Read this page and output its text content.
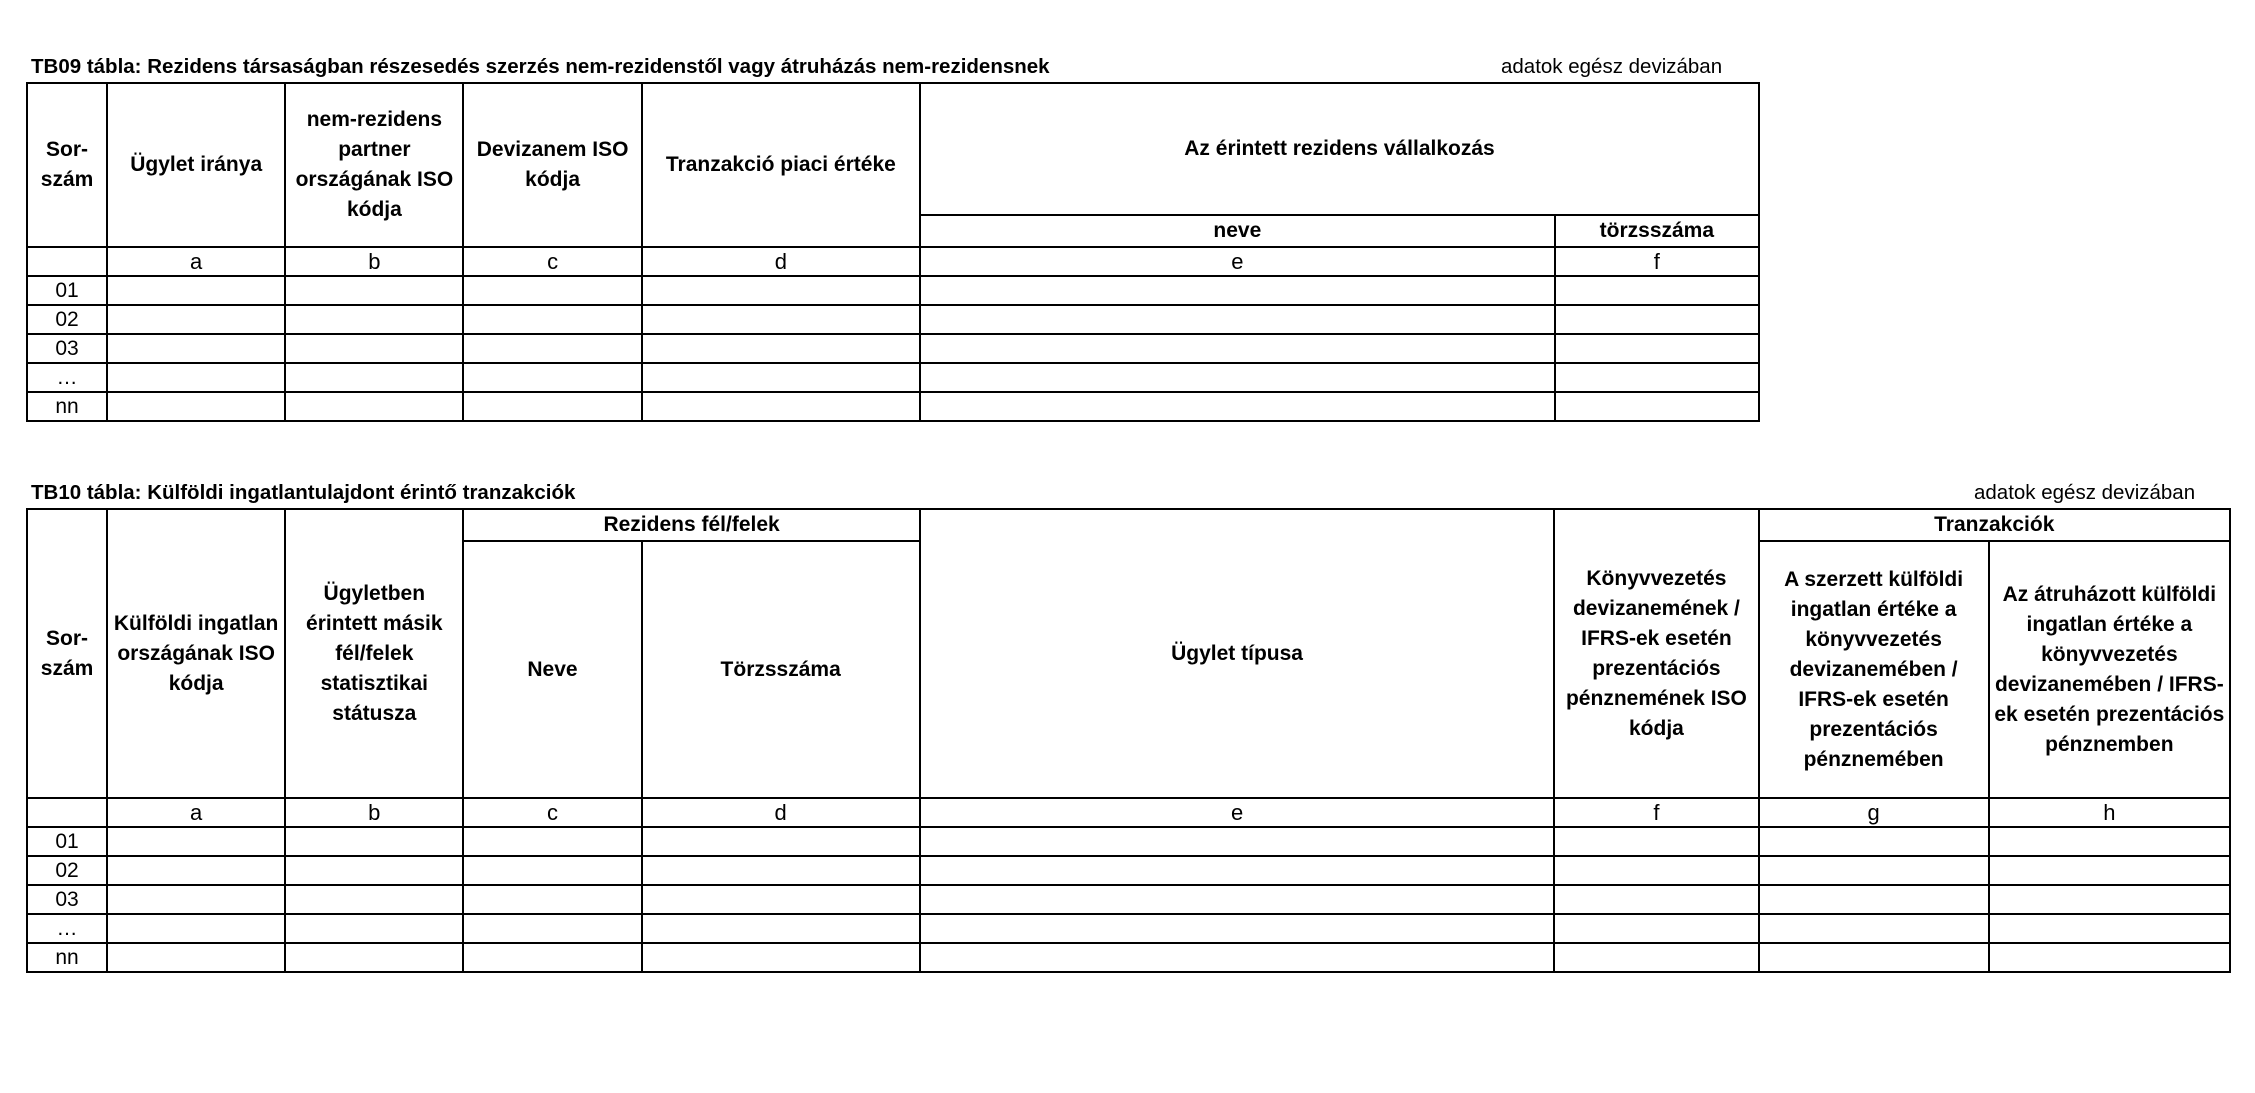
TB09 tábla: Rezidens társaságban részesedés szerzés nem-rezidenstől vagy átruházás nem-rezidensnek	adatok egész devizában
Sor-szám	Ügylet iránya	nem-rezidens partner országának ISO kódja	Devizanem ISO kódja	Tranzakció piaci értéke	Az érintett rezidens vállalkozás	

					neve	törzsszáma
	a	b	c	d	e	f
01						
02						
03						
…						
nn						
TB10 tábla: Külföldi ingatlantulajdont érintő tranzakciók	adatok egész devizában
Sor-szám	Külföldi ingatlan országának ISO kódja	Ügyletben érintett másik fél/felek statisztikai státusza	Rezidens fél/felek		Ügylet típusa	Könyvvezetés devizanemének / IFRS-ek esetén prezentációs pénznemének ISO kódja	Tranzakciók	

			Neve	Törzsszáma			A szerzett külföldi ingatlan értéke a könyvvezetés devizanemében / IFRS-ek esetén prezentációs pénznemében	Az átruházott külföldi ingatlan értéke a könyvvezetés devizanemében / IFRS-ek esetén prezentációs pénznemben

	a	b	c	d	e	f	g	h
01								
02								
03								
…								
nn								
